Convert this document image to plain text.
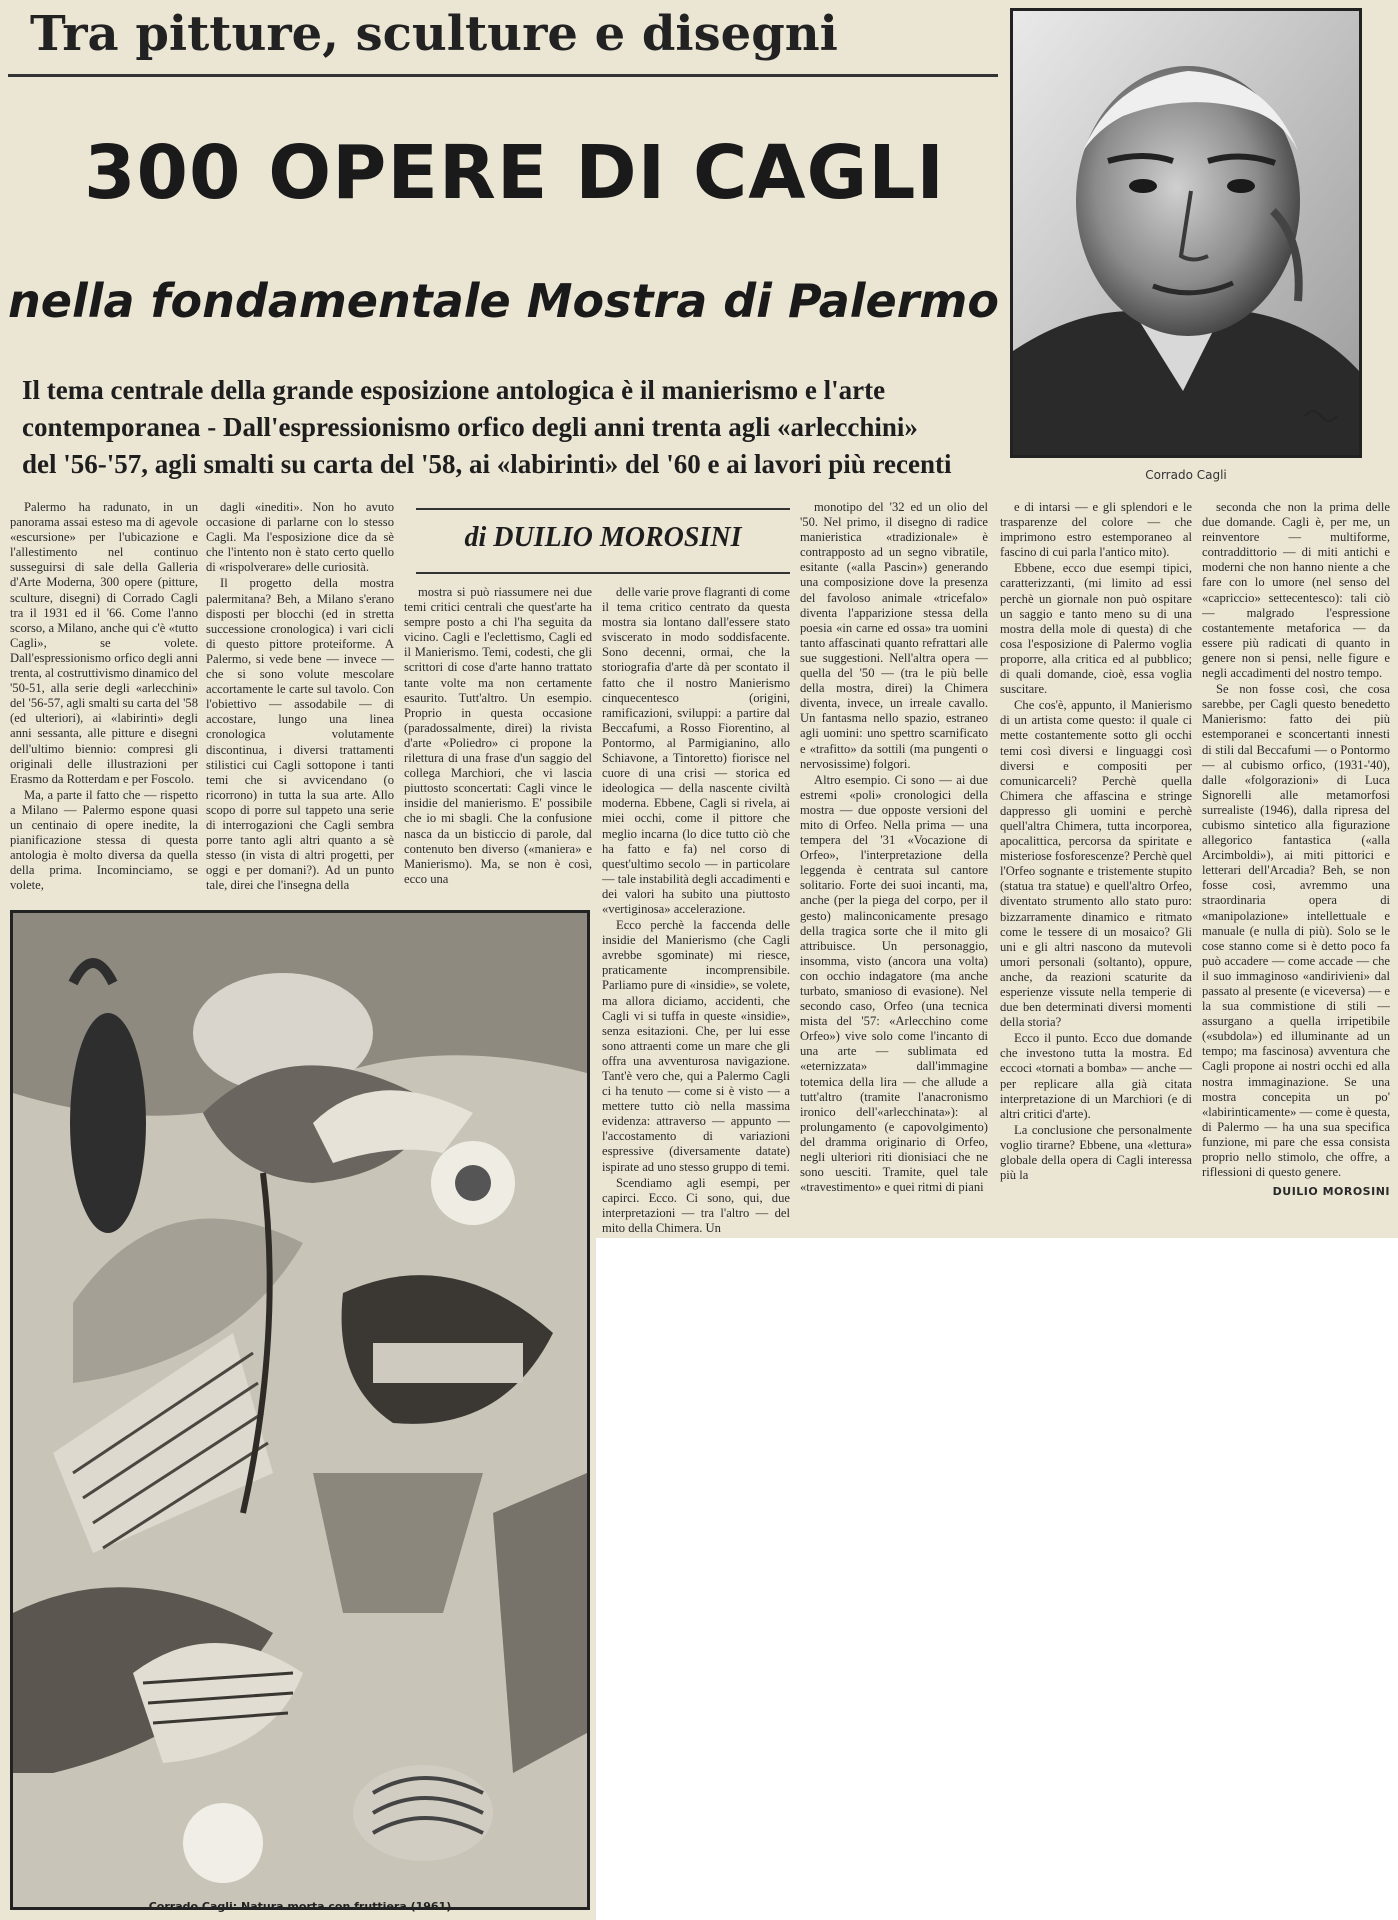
Tra pitture, sculture e disegni
300 OPERE DI CAGLI
nella fondamentale Mostra di Palermo
Il tema centrale della grande esposizione antologica è il manierismo e l'arte
contemporanea - Dall'espressionismo orfico degli anni trenta agli «arlecchini»
del '56-'57, agli smalti su carta del '58, ai «labirinti» del '60 e ai lavori più recenti	Corrado Cagli
di DUILIO MOROSINI

Palermo ha radunato, in un panorama assai esteso ma di agevole «escursione» per l'ubicazione e l'allestimento nel continuo susseguirsi di sale della Galleria d'Arte Moderna, 300 opere (pitture, sculture, disegni) di Corrado Cagli tra il 1931 ed il '66. Come l'anno scorso, a Milano, anche qui c'è «tutto Cagli», se volete. Dall'espressionismo orfico degli anni trenta, al costruttivismo dinamico del '50-51, alla serie degli «arlecchini» del '56-57, agli smalti su carta del '58 (ed ulteriori), ai «labirinti» degli anni sessanta, alle pitture e disegni dell'ultimo biennio: compresi gli originali delle illustrazioni per Erasmo da Rotterdam e per Foscolo.

Ma, a parte il fatto che — rispetto a Milano — Palermo espone quasi un centinaio di opere inedite, la pianificazione stessa di questa antologia è molto diversa da quella della prima. Incominciamo, se volete,

dagli «inediti». Non ho avuto occasione di parlarne con lo stesso Cagli. Ma l'esposizione dice da sè che l'intento non è stato certo quello di «rispolverare» delle curiosità.

Il progetto della mostra palermitana? Beh, a Milano s'erano disposti per blocchi (ed in stretta successione cronologica) i vari cicli di questo pittore proteiforme. A Palermo, si vede bene — invece — che si sono volute mescolare accortamente le carte sul tavolo. Con l'obiettivo — assodabile — di accostare, lungo una linea cronologica volutamente discontinua, i diversi trattamenti stilistici cui Cagli sottopone i tanti temi che si avvicendano (o ricorrono) in tutta la sua arte. Allo scopo di porre sul tappeto una serie di interrogazioni che Cagli sembra porre tanto agli altri quanto a sè stesso (in vista di altri progetti, per oggi e per domani?). Ad un punto tale, direi che l'insegna della

mostra si può riassumere nei due temi critici centrali che quest'arte ha sempre posto a chi l'ha seguita da vicino. Cagli e l'eclettismo, Cagli ed il Manierismo. Temi, codesti, che gli scrittori di cose d'arte hanno trattato tante volte ma non certamente esaurito. Tutt'altro. Un esempio. Proprio in questa occasione (paradossalmente, direi) la rivista d'arte «Poliedro» ci propone la rilettura di una frase d'un saggio del collega Marchiori, che vi lascia piuttosto sconcertati: Cagli vince le insidie del manierismo. E' possibile che io mi sbagli. Che la confusione nasca da un bisticcio di parole, dal contenuto ben diverso («maniera» e Manierismo). Ma, se non è così, ecco una

delle varie prove flagranti di come il tema critico centrato da questa mostra sia lontano dall'essere stato sviscerato in modo soddisfacente. Sono decenni, ormai, che la storiografia d'arte dà per scontato il fatto che il nostro Manierismo cinquecentesco (origini, ramificazioni, sviluppi: a partire dal Beccafumi, a Rosso Fiorentino, al Pontormo, al Parmigianino, allo Schiavone, a Tintoretto) fiorisce nel cuore di una crisi — storica ed ideologica — della nascente civiltà moderna. Ebbene, Cagli si rivela, ai miei occhi, come il pittore che meglio incarna (lo dice tutto ciò che ha fatto e fa) nel corso di quest'ultimo secolo — in particolare — tale instabilità degli accadimenti e dei valori ha subito una piuttosto «vertiginosa» accelerazione.

Ecco perchè la faccenda delle insidie del Manierismo (che Cagli avrebbe sgominate) mi riesce, praticamente incomprensibile. Parliamo pure di «insidie», se volete, ma allora diciamo, accidenti, che Cagli vi si tuffa in queste «insidie», senza esitazioni. Che, per lui esse sono attraenti come un mare che gli offra una avventurosa navigazione. Tant'è vero che, qui a Palermo Cagli ci ha tenuto — come si è visto — a mettere tutto ciò nella massima evidenza: attraverso — appunto — l'accostamento di variazioni espressive (diversamente datate) ispirate ad uno stesso gruppo di temi.

Scendiamo agli esempi, per capirci. Ecco. Ci sono, qui, due interpretazioni — tra l'altro — del mito della Chimera. Un

monotipo del '32 ed un olio del '50. Nel primo, il disegno di radice manieristica «tradizionale» è contrapposto ad un segno vibratile, esitante («alla Pascin») generando una composizione dove la presenza del favoloso animale «tricefalo» diventa l'apparizione stessa della poesia «in carne ed ossa» tra uomini tanto affascinati quanto refrattari alle sue suggestioni. Nell'altra opera — quella del '50 — (tra le più belle della mostra, direi) la Chimera diventa, invece, un irreale cavallo. Un fantasma nello spazio, estraneo agli uomini: uno spettro scarnificato e «trafitto» da sottili (ma pungenti o nervosissime) folgori.

Altro esempio. Ci sono — ai due estremi «poli» cronologici della mostra — due opposte versioni del mito di Orfeo. Nella prima — una tempera del '31 «Vocazione di Orfeo», l'interpretazione della leggenda è centrata sul cantore solitario. Forte dei suoi incanti, ma, anche (per la piega del corpo, per il gesto) malinconicamente presago della tragica sorte che il mito gli attribuisce. Un personaggio, insomma, visto (ancora una volta) con occhio indagatore (ma anche turbato, smanioso di evasione). Nel secondo caso, Orfeo (una tecnica mista del '57: «Arlecchino come Orfeo») vive solo come l'incanto di una arte — sublimata ed «eternizzata» dall'immagine totemica della lira — che allude a tutt'altro (tramite l'anacronismo ironico dell'«arlecchinata»): al prolungamento (e capovolgimento) del dramma originario di Orfeo, negli ulteriori riti dionisiaci che ne sono uesciti. Tramite, quel tale «travestimento» e quei ritmi di piani

e di intarsi — e gli splendori e le trasparenze del colore — che imprimono estro estemporaneo al fascino di cui parla l'antico mito).

Ebbene, ecco due esempi tipici, caratterizzanti, (mi limito ad essi perchè un giornale non può ospitare un saggio e tanto meno su di una mostra della mole di questa) di che cosa l'esposizione di Palermo voglia proporre, alla critica ed al pubblico; di quali domande, cioè, essa voglia suscitare.

Che cos'è, appunto, il Manierismo di un artista come questo: il quale ci mette costantemente sotto gli occhi temi così diversi e linguaggi così diversi e compositi per comunicarceli? Perchè quella Chimera che affascina e stringe dappresso gli uomini e perchè quell'altra Chimera, tutta incorporea, apocalittica, percorsa da spiritate e misteriose fosforescenze? Perchè quel l'Orfeo sognante e tristemente stupito (statua tra statue) e quell'altro Orfeo, diventato strumento allo stato puro: bizzarramente dinamico e ritmato come le tessere di un mosaico? Gli uni e gli altri nascono da mutevoli umori personali (soltanto), oppure, anche, da reazioni scaturite da esperienze vissute nella temperie di due ben determinati diversi momenti della storia?

Ecco il punto. Ecco due domande che investono tutta la mostra. Ed eccoci «tornati a bomba» — anche — per replicare alla già citata interpretazione di un Marchiori (e di altri critici d'arte).

La conclusione che personalmente voglio tirarne? Ebbene, una «lettura» globale della opera di Cagli interessa più la

seconda che non la prima delle due domande. Cagli è, per me, un reinventore — multiforme, contraddittorio — di miti antichi e moderni che non hanno niente a che fare con lo umore (nel senso del «capriccio» settecentesco): tali ciò — malgrado l'espressione costantemente metaforica — da essere più radicati di quanto in genere non si pensi, nelle figure e negli accadimenti del nostro tempo.

Se non fosse così, che cosa sarebbe, per Cagli questo benedetto Manierismo: fatto dei più estemporanei e sconcertanti innesti di stili dal Beccafumi — o Pontormo — al cubismo orfico, (1931-'40), dalle «folgorazioni» di Luca Signorelli alle metamorfosi surrealiste (1946), dalla ripresa del cubismo sintetico alla figurazione allegorico fantastica («alla Arcimboldi»), ai miti pittorici e letterari dell'Arcadia? Beh, se non fosse così, avremmo una straordinaria opera di «manipolazione» intellettuale e manuale (e nulla di più). Solo se le cose stanno come si è detto poco fa può accadere — come accade — che il suo immaginoso «andirivieni» dal passato al presente (e viceversa) — e la sua commistione di stili — assurgano a quella irripetibile («subdola») ed illuminante ad un tempo; ma fascinosa) avventura che Cagli propone ai nostri occhi ed alla nostra immaginazione. Se una mostra concepita un po' «labirinticamente» — come è questa, di Palermo — ha una sua specifica funzione, mi pare che essa consista proprio nello stimolo, che offre, a riflessioni di questo genere.

DUILIO MOROSINI

Corrado Cagli: Natura morta con fruttiera (1961)
